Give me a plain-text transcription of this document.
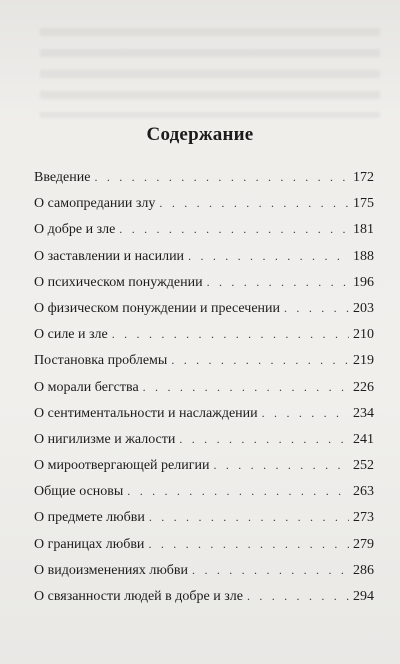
Содержание
Введение . . .	172
О самопредании злу . . .	175
О добре и зле . . .	181
О заставлении и насилии . . .	188
О психическом понуждении . . .	196
О физическом понуждении и пресечении . . .	203
О силе и зле . . .	210
Постановка проблемы . . .	219
О морали бегства . . .	226
О сентиментальности и наслаждении . . .	234
О нигилизме и жалости . . .	241
О мироотвергающей религии . . .	252
Общие основы . . .	263
О предмете любви . . .	273
О границах любви . . .	279
О видоизменениях любви . . .	286
О связанности людей в добре и зле . . .	294
